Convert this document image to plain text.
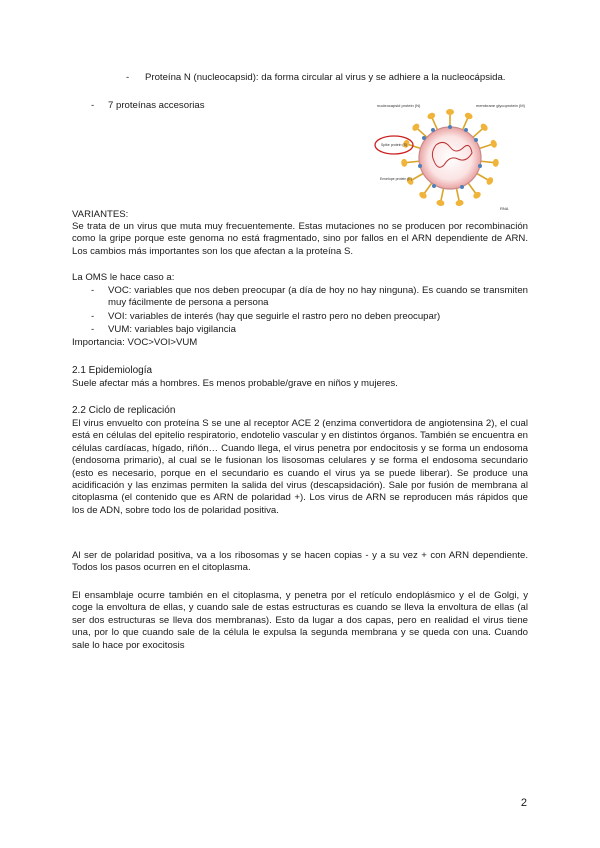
- Proteína N (nucleocapsid): da forma circular al virus y se adhiere a la nucleocápsida.
- 7 proteínas accesorias	nucleocapsid protein (N)	membrane glycoprotein (M)
Spike protein (S)
Envelope protein (E)
RNA
VARIANTES:
Se trata de un virus que muta muy frecuentemente. Estas mutaciones no se producen por recombinación como la gripe porque este genoma no está fragmentado, sino por fallos en el ARN dependiente de ARN. Los cambios más importantes son los que afectan a la proteína S.
La OMS le hace caso a:
- VOC: variables que nos deben preocupar (a día de hoy no hay ninguna). Es cuando se transmiten muy fácilmente de persona a persona
- VOI: variables de interés (hay que seguirle el rastro pero no deben preocupar)
- VUM: variables bajo vigilancia
Importancia: VOC>VOI>VUM
2.1 Epidemiología
Suele afectar más a hombres. Es menos probable/grave en niños y mujeres.
2.2 Ciclo de replicación
El virus envuelto con proteína S se une al receptor ACE 2 (enzima convertidora de angiotensina 2), el cual está en células del epitelio respiratorio, endotelio vascular y en distintos órganos. También se encuentra en células cardíacas, hígado, riñón… Cuando llega, el virus penetra por endocitosis y se forma un endosoma (endosoma primario), al cual se le fusionan los lisosomas celulares y se forma el endosoma secundario (esto es necesario, porque en el secundario es cuando el virus ya se puede liberar). Se produce una acidificación y las enzimas permiten la salida del virus (descapsidación). Sale por fusión de membrana al citoplasma (el contenido que es ARN de polaridad +). Los virus de ARN se reproducen más rápidos que los de ADN, sobre todo los de polaridad positiva.
Al ser de polaridad positiva, va a los ribosomas y se hacen copias - y a su vez + con ARN dependiente. Todos los pasos ocurren en el citoplasma.
El ensamblaje ocurre también en el citoplasma, y penetra por el retículo endoplásmico y el de Golgi, y coge la envoltura de ellas, y cuando sale de estas estructuras es cuando se lleva la envoltura de ellas (al ser dos estructuras se lleva dos membranas). Esto da lugar a dos capas, pero en realidad el virus tiene una, por lo que cuando sale de la célula le expulsa la segunda membrana y se queda con una. Cuando sale lo hace por exocitosis
2
